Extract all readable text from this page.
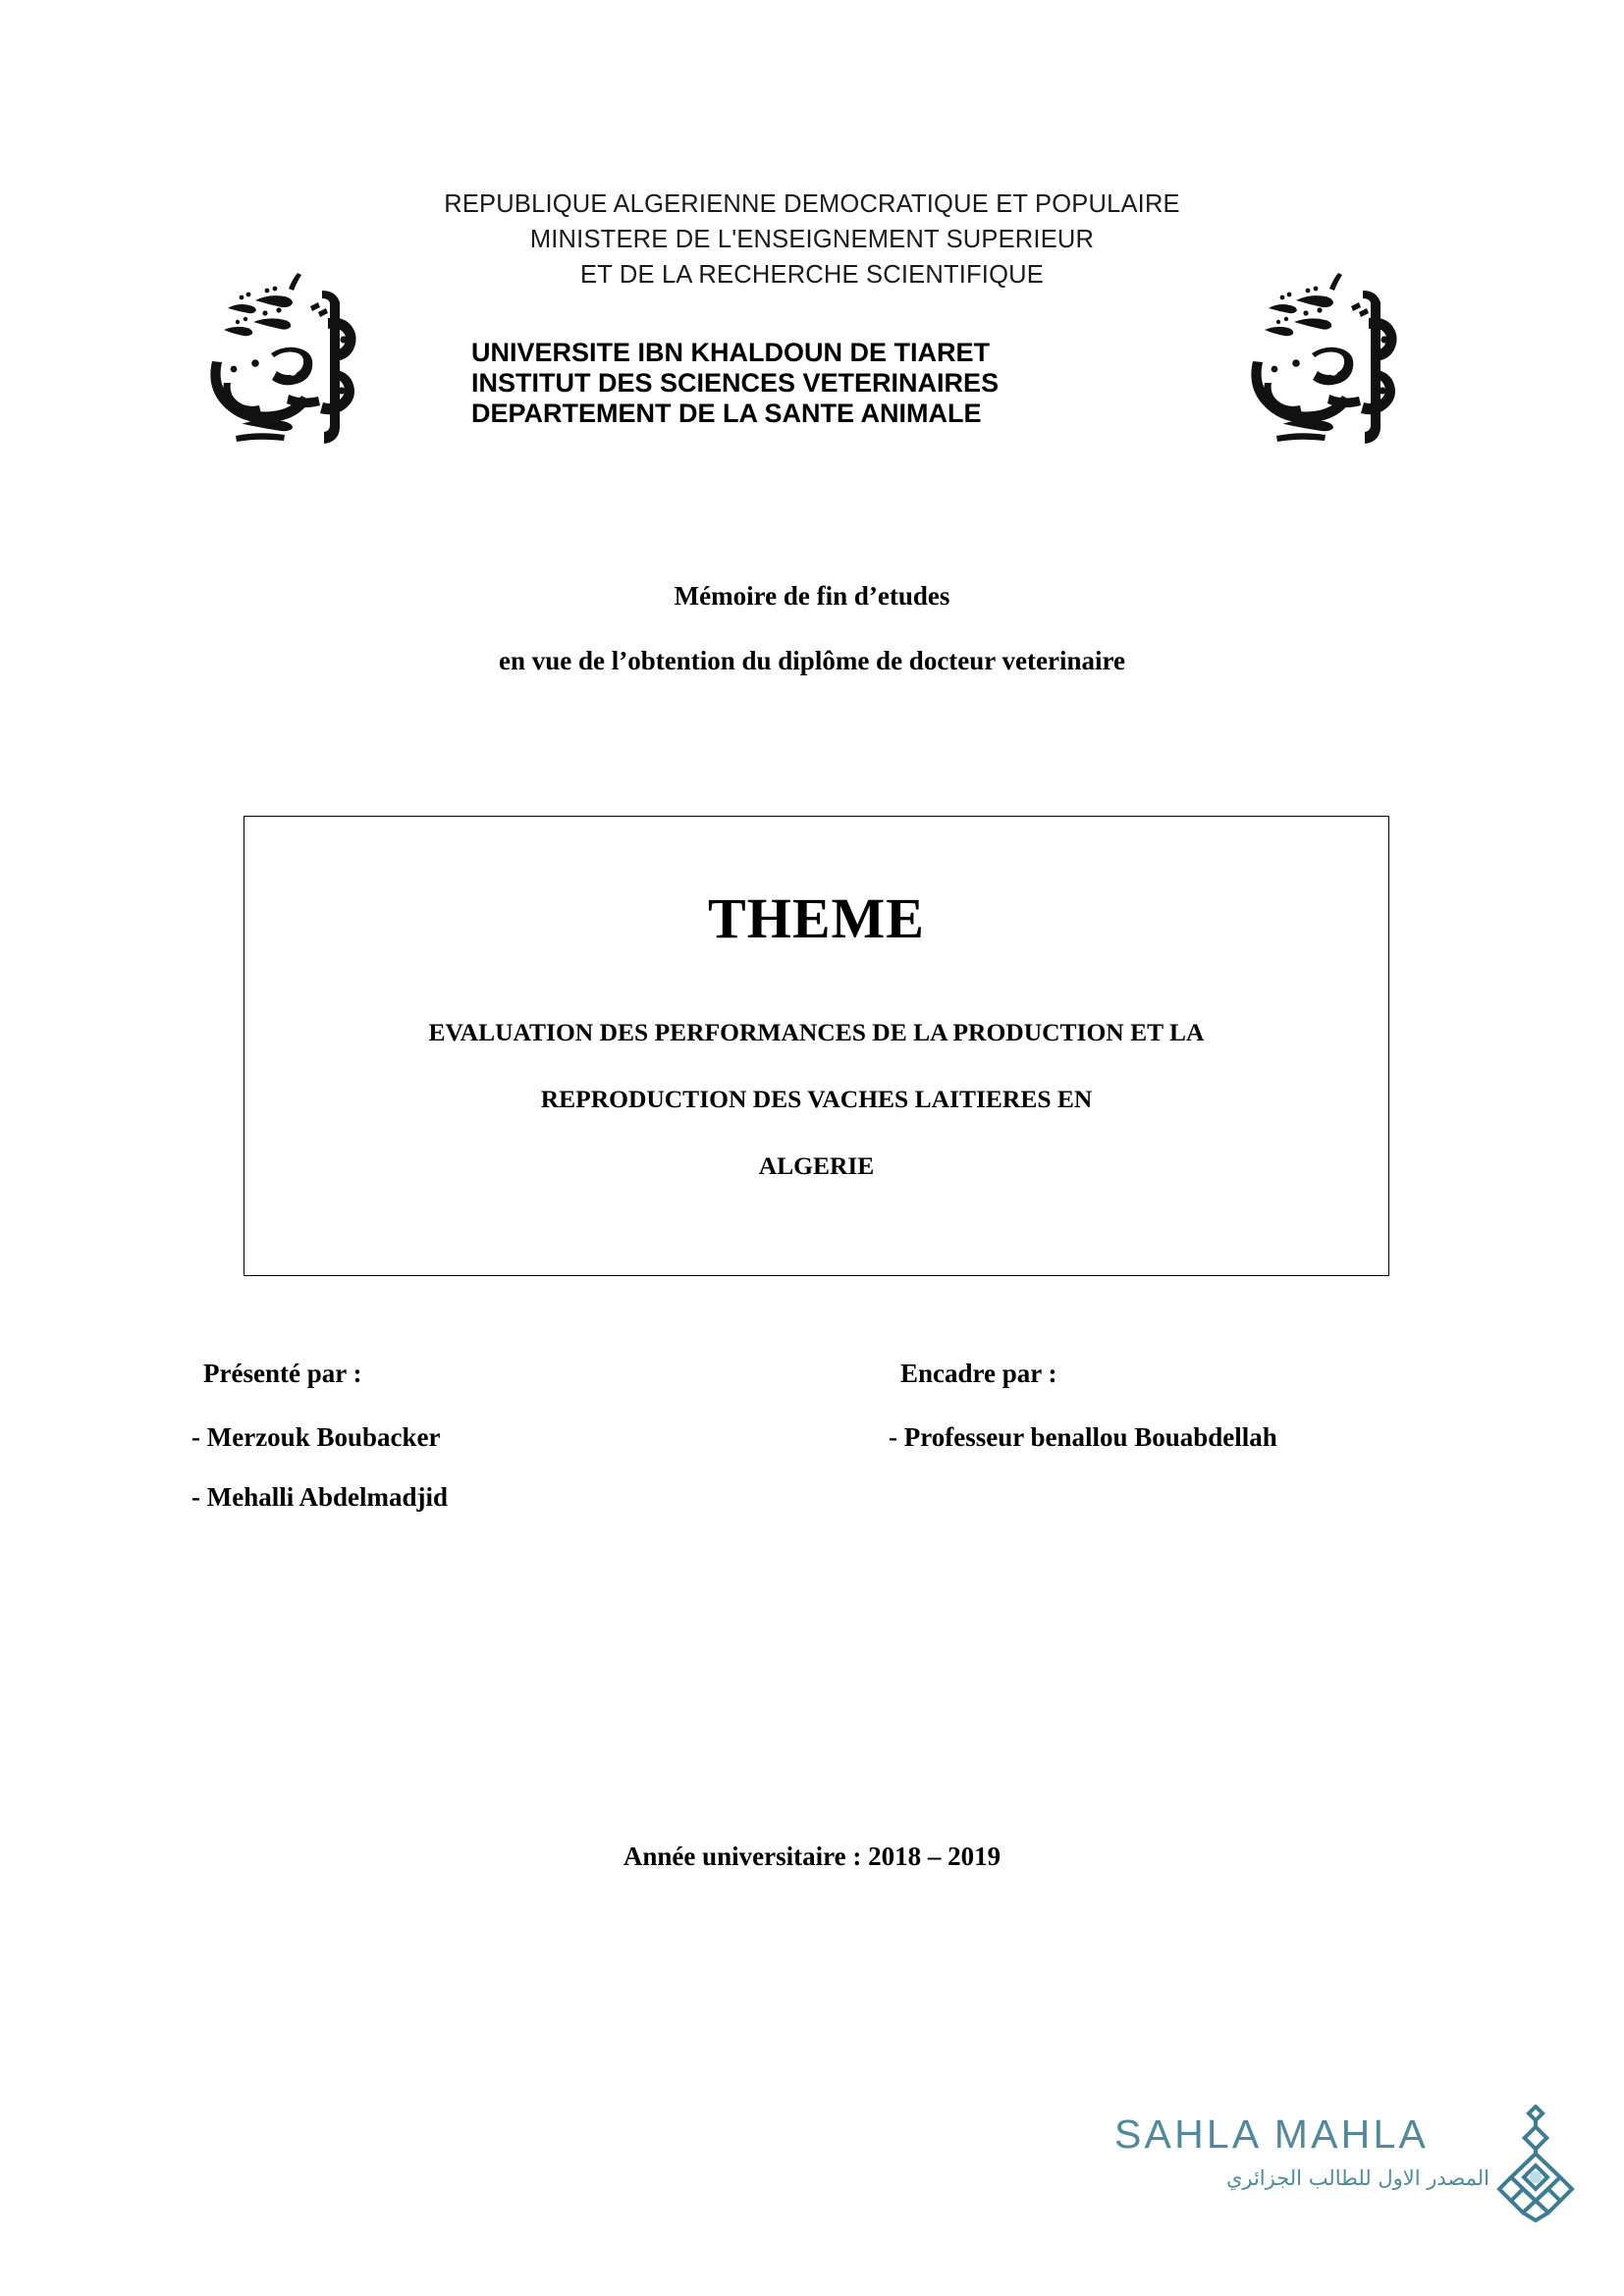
REPUBLIQUE ALGERIENNE DEMOCRATIQUE ET POPULAIRE
MINISTERE DE L'ENSEIGNEMENT SUPERIEUR
ET DE LA RECHERCHE SCIENTIFIQUE
UNIVERSITE IBN KHALDOUN DE TIARET
INSTITUT DES SCIENCES VETERINAIRES
DEPARTEMENT DE LA SANTE ANIMALE
Mémoire de fin d’etudes
en vue de l’obtention du diplôme de docteur veterinaire
THEME
EVALUATION DES PERFORMANCES DE LA PRODUCTION ET LA
REPRODUCTION DES VACHES LAITIERES EN
ALGERIE
Présenté par :	Encadre par :
- Merzouk Boubacker
- Mehalli Abdelmadjid
- Professeur benallou Bouabdellah
Année universitaire : 2018 – 2019
SAHLA MAHLA
المصدر الاول للطالب الجزائري
